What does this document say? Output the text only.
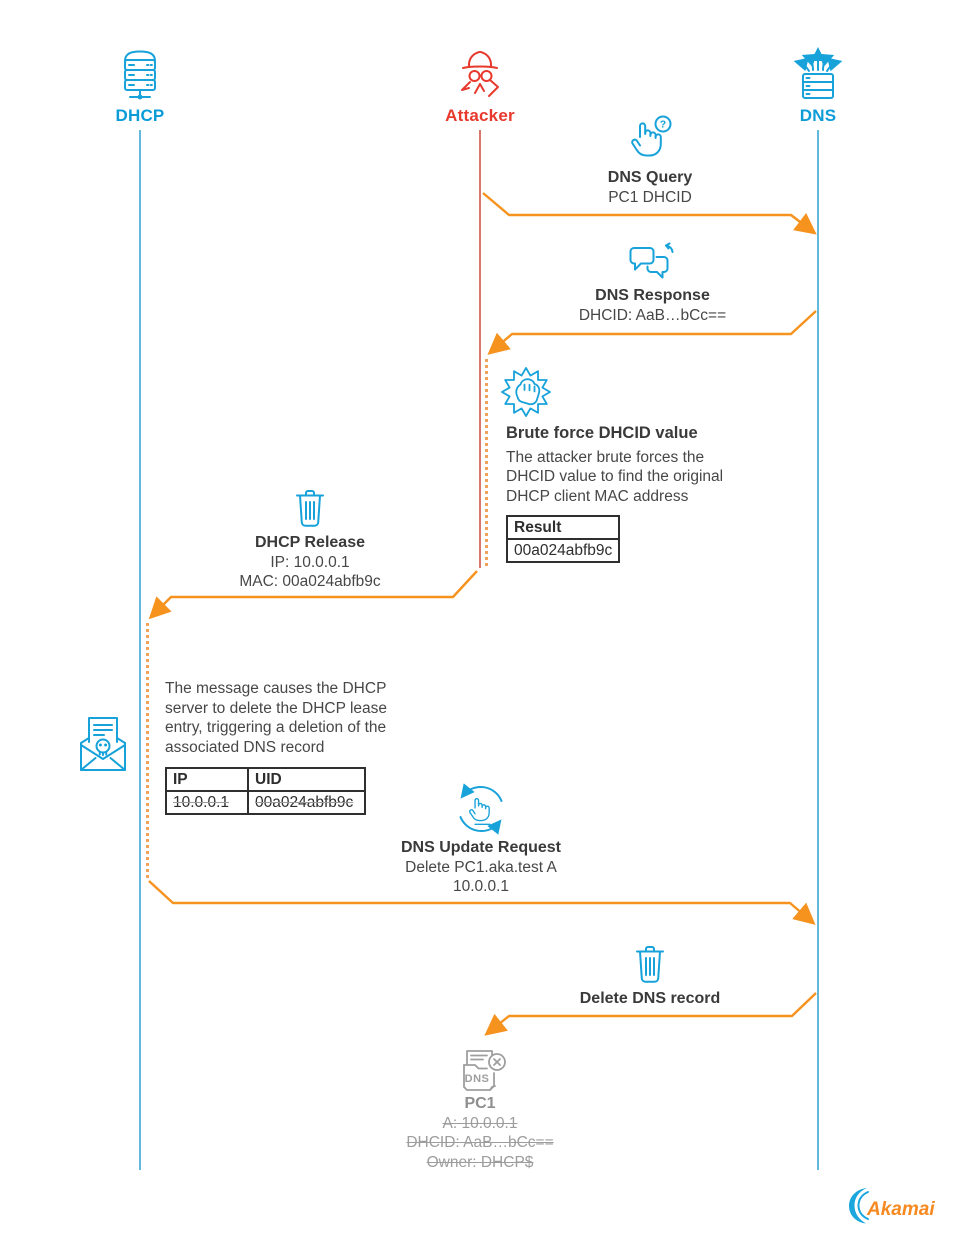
DHCP	Attacker	DNS
?
DNS Query
PC1 DHCID
DNS Response
DHCID: AaB…bCc==
Brute force DHCID value
The attacker brute forces the
DHCID value to find the original
DHCP client MAC address
Result
00a024abfb9c
DHCP Release
IP: 10.0.0.1
MAC: 00a024abfb9c
The message causes the DHCP
server to delete the DHCP lease
entry, triggering a deletion of the
associated DNS record
IP	UID
10.0.0.1	00a024abfb9c
DNS Update Request
Delete PC1.aka.test A
10.0.0.1
Delete DNS record
DNS
PC1
A: 10.0.0.1
DHCID: AaB…bCc==
Owner: DHCP$
Akamai
